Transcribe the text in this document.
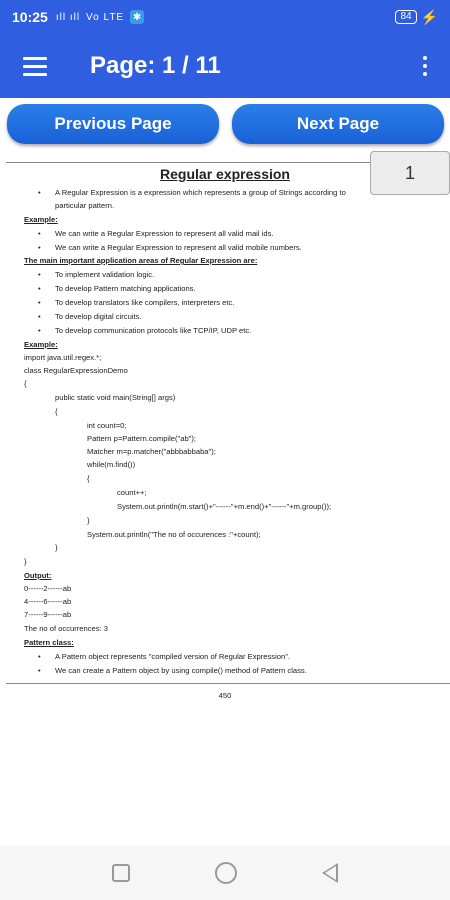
10:25 ıll ıll Vo LTE ✱	84 ⚡
Page: 1 / 11
Previous Page	Next Page
Regular expression	1
• A Regular Expression is a expression which represents a group of Strings according to
particular pattern.
Example:
• We can write a Regular Expression to represent all valid mail ids.
• We can write a Regular Expression to represent all valid mobile numbers.
The main important application areas of Regular Expression are:
• To implement validation logic.
• To develop Pattern matching applications.
• To develop translators like compilers, interpreters etc.
• To develop digital circuits.
• To develop communication protocols like TCP/IP, UDP etc.
Example:
import java.util.regex.*;
class RegularExpressionDemo
{
public static void main(String[] args)
{
int count=0;
Pattern p=Pattern.compile("ab");
Matcher m=p.matcher("abbbabbaba");
while(m.find())
{
count++;
System.out.println(m.start()+"------"+m.end()+"------"+m.group());
}
System.out.println("The no of occurences :"+count);
}
}
Output:
0------2------ab
4------6------ab
7------9------ab
The no of occurrences: 3
Pattern class:
• A Pattern object represents "compiled version of Regular Expression".
• We can create a Pattern object by using compile() method of Pattern class.
450
